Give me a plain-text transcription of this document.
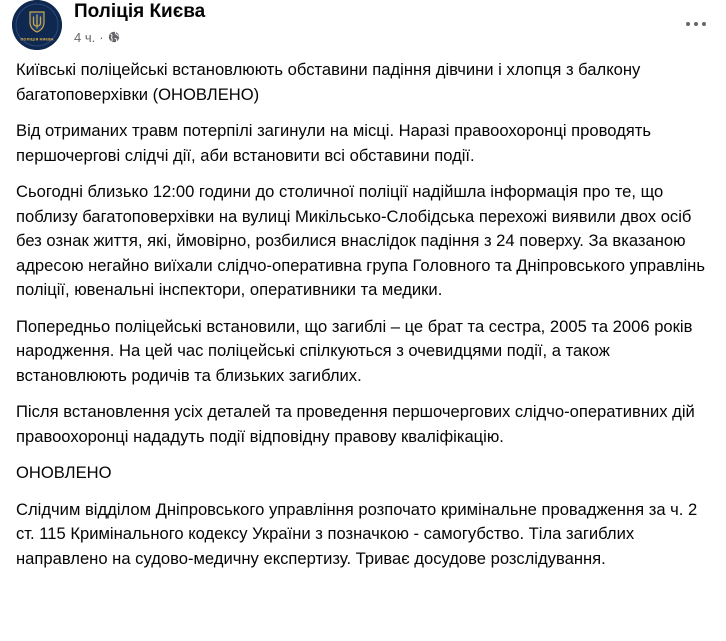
ПОЛІЦІЯ КИЄВА
Поліція Києва
4 ч. ·

Київські поліцейські встановлюють обставини падіння дівчини і хлопця з балкону багатоповерхівки (ОНОВЛЕНО)

Від отриманих травм потерпілі загинули на місці. Наразі правоохоронці проводять першочергові слідчі дії, аби встановити всі обставини події.

Сьогодні близько 12:00 години до столичної поліції надійшла інформація про те, що поблизу багатоповерхівки на вулиці Микільсько-Слобідська перехожі виявили двох осіб без ознак життя, які, ймовірно, розбилися внаслідок падіння з 24 поверху. За вказаною адресою негайно виїхали слідчо-оперативна група Головного та Дніпровського управлінь поліції, ювенальні інспектори, оперативники та медики.

Попередньо поліцейські встановили, що загиблі – це брат та сестра, 2005 та 2006 років народження. На цей час поліцейські спілкуються з очевидцями події, а також встановлюють родичів та близьких загиблих.

Після встановлення усіх деталей та проведення першочергових слідчо-оперативних дій правоохоронці нададуть події відповідну правову кваліфікацію.

ОНОВЛЕНО

Слідчим відділом Дніпровського управління розпочато кримінальне провадження за ч. 2 ст. 115 Кримінального кодексу України з позначкою - самогубство. Тіла загиблих направлено на судово-медичну експертизу. Триває досудове розслідування.
